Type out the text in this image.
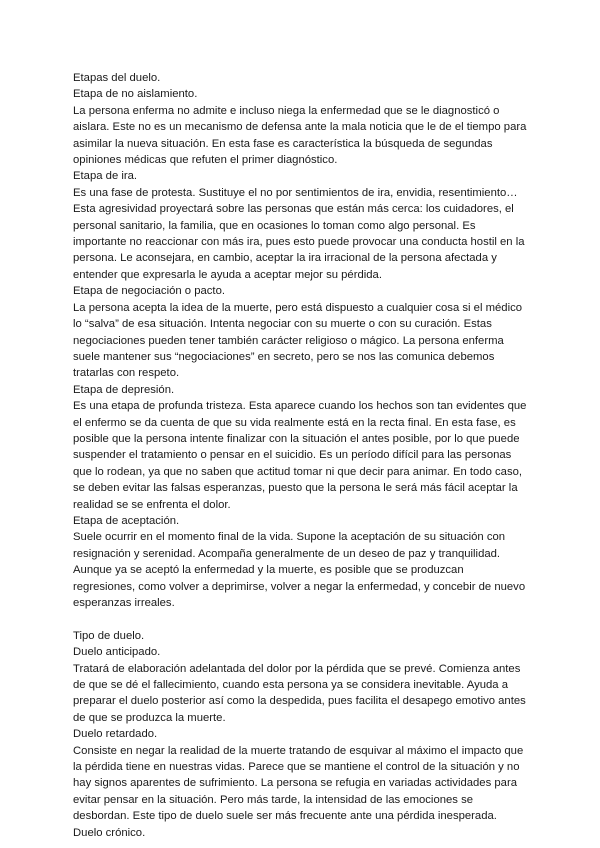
Etapas del duelo.

Etapa de no aislamiento.

La persona enferma no admite e incluso niega la enfermedad que se le diagnosticó o aislara. Este no es un mecanismo de defensa ante la mala noticia que le de el tiempo para asimilar la nueva situación. En esta fase es característica la búsqueda de segundas opiniones médicas que refuten el primer diagnóstico.

Etapa de ira.

Es una fase de protesta. Sustituye el no por sentimientos de ira, envidia, resentimiento… Esta agresividad proyectará sobre las personas que están más cerca: los cuidadores, el personal sanitario, la familia, que en ocasiones lo toman como algo personal. Es importante no reaccionar con más ira, pues esto puede provocar una conducta hostil en la persona. Le aconsejara, en cambio, aceptar la ira irracional de la persona afectada y entender que expresarla le ayuda a aceptar mejor su pérdida.

Etapa de negociación o pacto.

La persona acepta la idea de la muerte, pero está dispuesto a cualquier cosa si el médico lo “salva” de esa situación. Intenta negociar con su muerte o con su curación. Estas negociaciones pueden tener también carácter religioso o mágico. La persona enferma suele mantener sus “negociaciones” en secreto, pero se nos las comunica debemos tratarlas con respeto.

Etapa de depresión.

Es una etapa de profunda tristeza. Esta aparece cuando los hechos son tan evidentes que el enfermo se da cuenta de que su vida realmente está en la recta final. En esta fase, es posible que la persona intente finalizar con la situación el antes posible, por lo que puede suspender el tratamiento o pensar en el suicidio. Es un período difícil para las personas que lo rodean, ya que no saben que actitud tomar ni que decir para animar. En todo caso, se deben evitar las falsas esperanzas, puesto que la persona le será más fácil aceptar la realidad se se enfrenta el dolor.

Etapa de aceptación.

Suele ocurrir en el momento final de la vida. Supone la aceptación de su situación con resignación y serenidad. Acompaña generalmente de un deseo de paz y tranquilidad. Aunque ya se aceptó la enfermedad y la muerte, es posible que se produzcan regresiones, como volver a deprimirse, volver a negar la enfermedad, y concebir de nuevo esperanzas irreales.

Tipo de duelo.

Duelo anticipado.

Tratará de elaboración adelantada del dolor por la pérdida que se prevé. Comienza antes de que se dé el fallecimiento, cuando esta persona ya se considera inevitable. Ayuda a preparar el duelo posterior así como la despedida, pues facilita el desapego emotivo antes de que se produzca la muerte.

Duelo retardado.

Consiste en negar la realidad de la muerte tratando de esquivar al máximo el impacto que la pérdida tiene en nuestras vidas. Parece que se mantiene el control de la situación y no hay signos aparentes de sufrimiento. La persona se refugia en variadas actividades para evitar pensar en la situación. Pero más tarde, la intensidad de las emociones se desbordan. Este tipo de duelo suele ser más frecuente ante una pérdida inesperada.

Duelo crónico.
